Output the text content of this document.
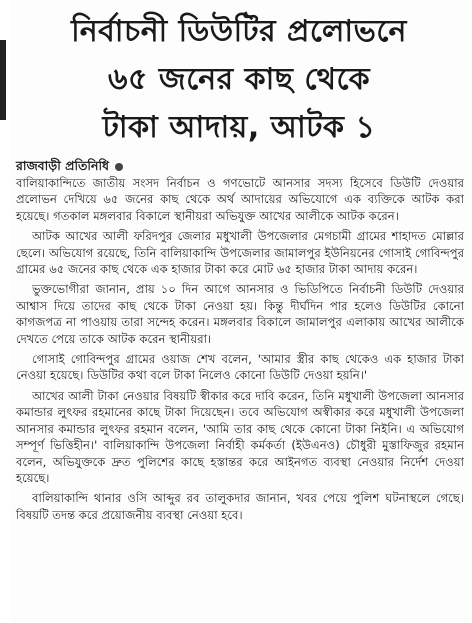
নির্বাচনী ডিউটির প্রলোভনে
৬৫ জনের কাছ থেকে
টাকা আদায়, আটক ১
রাজবাড়ী প্রতিনিধি

বালিয়াকান্দিতে জাতীয় সংসদ নির্বাচন ও গণভোটে আনসার সদস্য হিসেবে ডিউটি দেওয়ার প্রলোভন দেখিয়ে ৬৫ জনের কাছ থেকে অর্থ আদায়ের অভিযোগে এক ব্যক্তিকে আটক করা হয়েছে। গতকাল মঙ্গলবার বিকালে স্থানীয়রা অভিযুক্ত আখের আলীকে আটক করেন।

আটক আখের আলী ফরিদপুর জেলার মধুখালী উপজেলার মেগচামী গ্রামের শাহাদত মোল্লার ছেলে। অভিযোগ রয়েছে, তিনি বালিয়াকান্দি উপজেলার জামালপুর ইউনিয়নের গোসাই গোবিন্দপুর গ্রামের ৬৫ জনের কাছ থেকে এক হাজার টাকা করে মোট ৬৫ হাজার টাকা আদায় করেন।

ভুক্তভোগীরা জানান, প্রায় ১০ দিন আগে আনসার ও ভিডিপিতে নির্বাচনী ডিউটি দেওয়ার আশ্বাস দিয়ে তাদের কাছ থেকে টাকা নেওয়া হয়। কিন্তু দীর্ঘদিন পার হলেও ডিউটির কোনো কাগজপত্র না পাওয়ায় তারা সন্দেহ করেন। মঙ্গলবার বিকালে জামালপুর এলাকায় আখের আলীকে দেখতে পেয়ে তাকে আটক করেন স্থানীয়রা।

গোসাই গোবিন্দপুর গ্রামের ওয়াজ শেখ বলেন, 'আমার স্ত্রীর কাছ থেকেও এক হাজার টাকা নেওয়া হয়েছে। ডিউটির কথা বলে টাকা নিলেও কোনো ডিউটি দেওয়া হয়নি।'

আখের আলী টাকা নেওয়ার বিষয়টি স্বীকার করে দাবি করেন, তিনি মধুখালী উপজেলা আনসার কমান্ডার লুৎফর রহমানের কাছে টাকা দিয়েছেন। তবে অভিযোগ অস্বীকার করে মধুখালী উপজেলা আনসার কমান্ডার লুৎফর রহমান বলেন, 'আমি তার কাছ থেকে কোনো টাকা নিইনি। এ অভিযোগ সম্পূর্ণ ভিত্তিহীন।' বালিয়াকান্দি উপজেলা নির্বাহী কর্মকর্তা (ইউএনও) চৌধুরী মুস্তাফিজুর রহমান বলেন, অভিযুক্তকে দ্রুত পুলিশের কাছে হস্তান্তর করে আইনগত ব্যবস্থা নেওয়ার নির্দেশ দেওয়া হয়েছে।

বালিয়াকান্দি থানার ওসি আব্দুর রব তালুকদার জানান, খবর পেয়ে পুলিশ ঘটনাস্থলে গেছে। বিষয়টি তদন্ত করে প্রয়োজনীয় ব্যবস্থা নেওয়া হবে।
